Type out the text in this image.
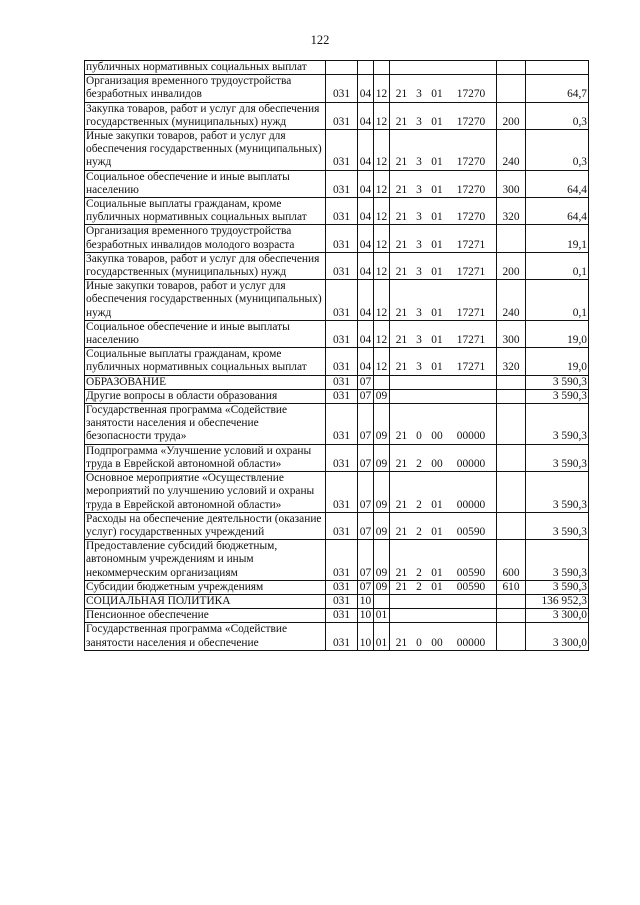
122
публичных нормативных социальных выплат						
Организация временного трудоустройства безработных инвалидов	031	04	12	21 3 01 17270		64,7
Закупка товаров, работ и услуг для обеспечения государственных (муниципальных) нужд	031	04	12	21 3 01 17270	200	0,3
Иные закупки товаров, работ и услуг для обеспечения государственных (муниципальных) нужд	031	04	12	21 3 01 17270	240	0,3
Социальное обеспечение и иные выплаты населению	031	04	12	21 3 01 17270	300	64,4
Социальные выплаты гражданам, кроме публичных нормативных социальных выплат	031	04	12	21 3 01 17270	320	64,4
Организация временного трудоустройства безработных инвалидов молодого возраста	031	04	12	21 3 01 17271		19,1
Закупка товаров, работ и услуг для обеспечения государственных (муниципальных) нужд	031	04	12	21 3 01 17271	200	0,1
Иные закупки товаров, работ и услуг для обеспечения государственных (муниципальных) нужд	031	04	12	21 3 01 17271	240	0,1
Социальное обеспечение и иные выплаты населению	031	04	12	21 3 01 17271	300	19,0
Социальные выплаты гражданам, кроме публичных нормативных социальных выплат	031	04	12	21 3 01 17271	320	19,0
ОБРАЗОВАНИЕ	031	07				3 590,3
Другие вопросы в области образования	031	07	09			3 590,3
Государственная программа «Содействие занятости населения и обеспечение безопасности труда»	031	07	09	21 0 00 00000		3 590,3
Подпрограмма «Улучшение условий и охраны труда в Еврейской автономной области»	031	07	09	21 2 00 00000		3 590,3
Основное мероприятие «Осуществление мероприятий по улучшению условий и охраны труда в Еврейской автономной области»	031	07	09	21 2 01 00000		3 590,3
Расходы на обеспечение деятельности (оказание услуг) государственных учреждений	031	07	09	21 2 01 00590		3 590,3
Предоставление субсидий бюджетным, автономным учреждениям и иным некоммерческим организациям	031	07	09	21 2 01 00590	600	3 590,3
Субсидии бюджетным учреждениям	031	07	09	21 2 01 00590	610	3 590,3
СОЦИАЛЬНАЯ ПОЛИТИКА	031	10				136 952,3
Пенсионное обеспечение	031	10	01			3 300,0
Государственная программа «Содействие занятости населения и обеспечение	031	10	01	21 0 00 00000		3 300,0
